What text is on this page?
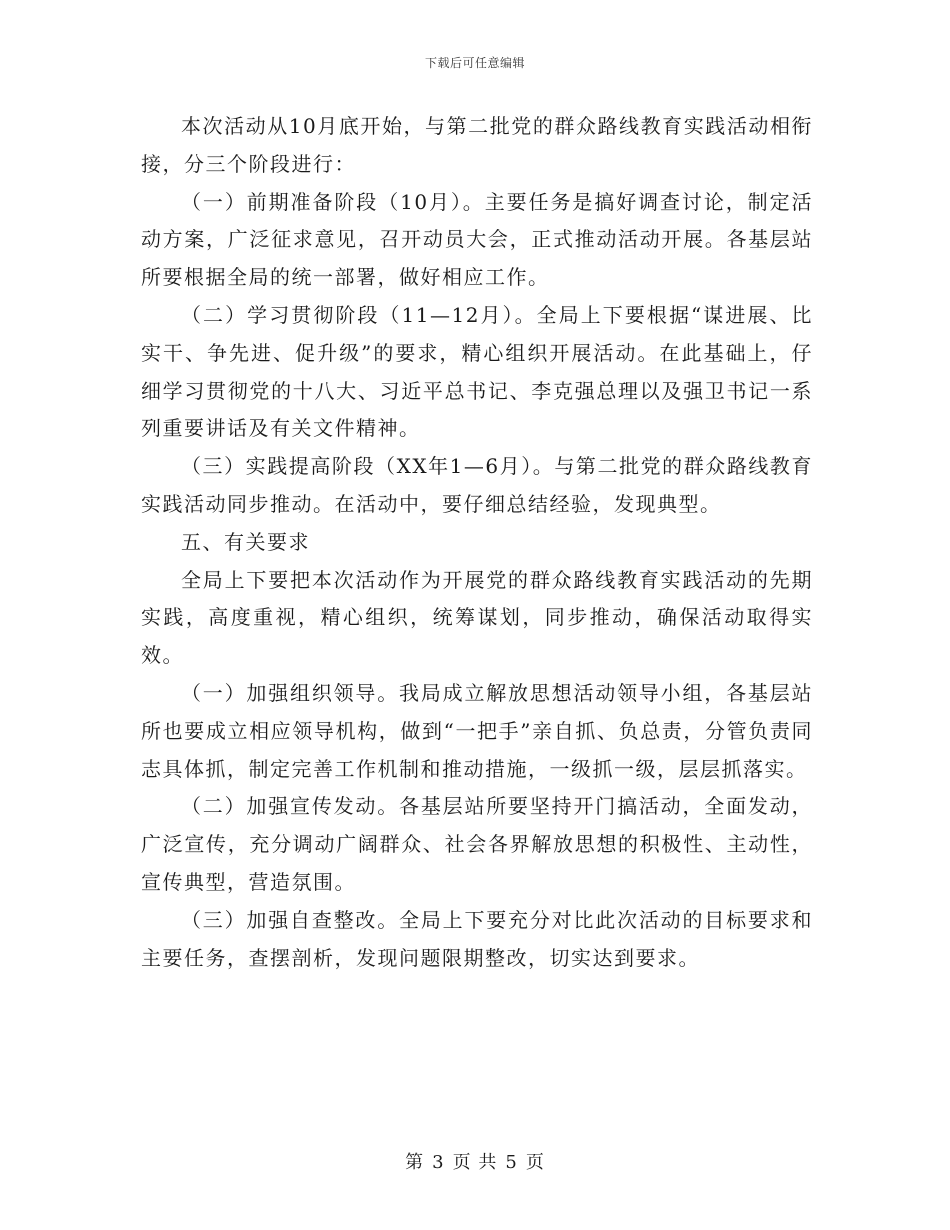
下载后可任意编辑

本次活动从10月底开始，与第二批党的群众路线教育实践活动相衔接，分三个阶段进行：

（一）前期准备阶段（10月）。主要任务是搞好调查讨论，制定活动方案，广泛征求意见，召开动员大会，正式推动活动开展。各基层站所要根据全局的统一部署，做好相应工作。

（二）学习贯彻阶段（11—12月）。全局上下要根据“谋进展、比实干、争先进、促升级”的要求，精心组织开展活动。在此基础上，仔细学习贯彻党的十八大、习近平总书记、李克强总理以及强卫书记一系列重要讲话及有关文件精神。

（三）实践提高阶段（XX年1—6月）。与第二批党的群众路线教育实践活动同步推动。在活动中，要仔细总结经验，发现典型。

五、有关要求

全局上下要把本次活动作为开展党的群众路线教育实践活动的先期实践，高度重视，精心组织，统筹谋划，同步推动，确保活动取得实效。

（一）加强组织领导。我局成立解放思想活动领导小组，各基层站所也要成立相应领导机构，做到“一把手”亲自抓、负总责，分管负责同志具体抓，制定完善工作机制和推动措施，一级抓一级，层层抓落实。

（二）加强宣传发动。各基层站所要坚持开门搞活动，全面发动，广泛宣传，充分调动广阔群众、社会各界解放思想的积极性、主动性，宣传典型，营造氛围。

（三）加强自查整改。全局上下要充分对比此次活动的目标要求和主要任务，查摆剖析，发现问题限期整改，切实达到要求。

第 3 页 共 5 页
